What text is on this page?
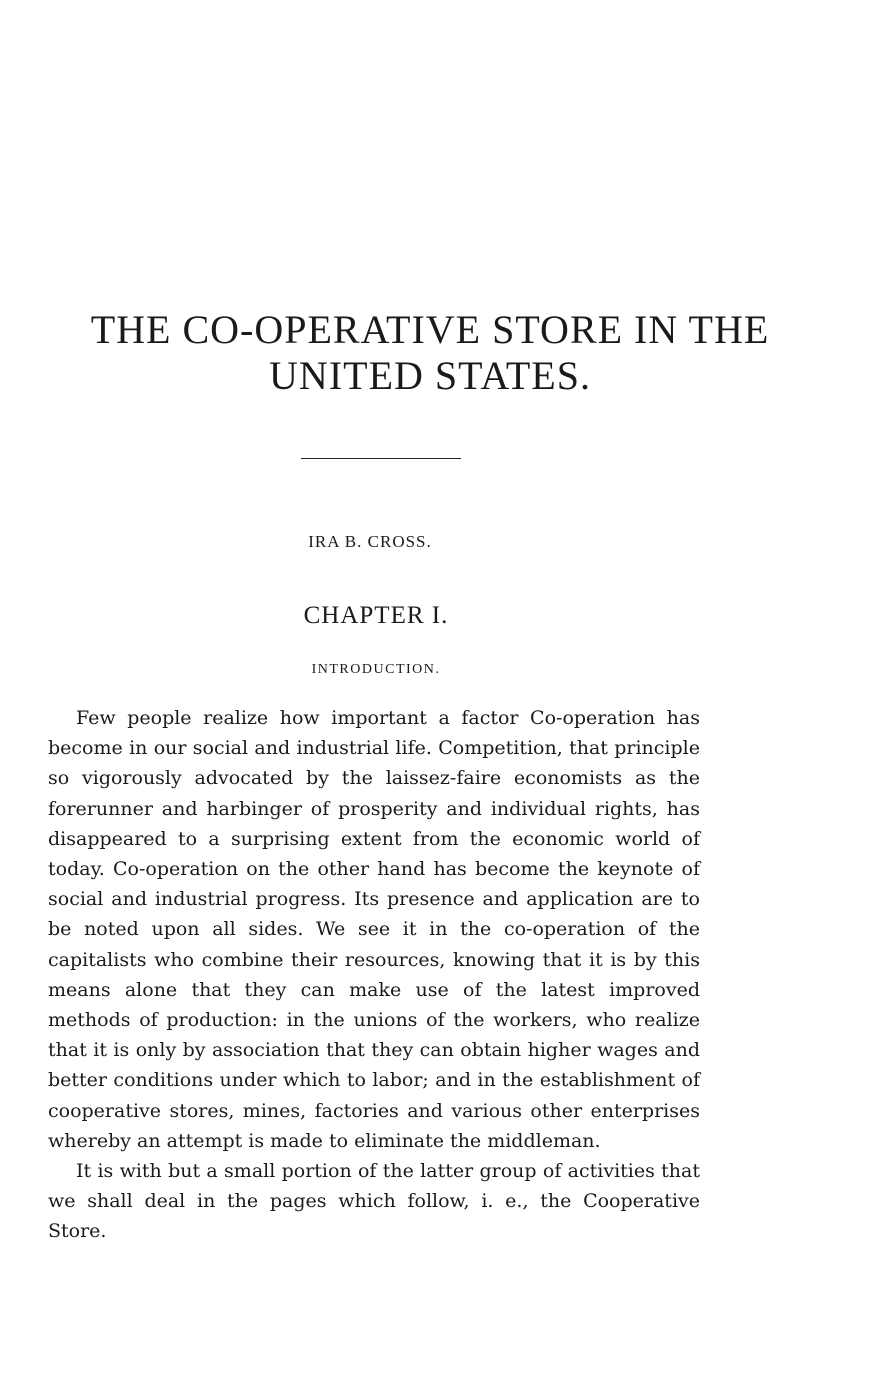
THE CO-OPERATIVE STORE IN THE
UNITED STATES.
IRA B. CROSS.
CHAPTER I.
INTRODUCTION.

Few people realize how important a factor Co-operation has become in our social and industrial life. Competition, that principle so vigorously advocated by the laissez-faire economists as the forerunner and harbinger of prosperity and individual rights, has disappeared to a surprising extent from the economic world of today. Co-operation on the other hand has become the keynote of social and industrial progress. Its presence and application are to be noted upon all sides. We see it in the co-operation of the capitalists who combine their resources, knowing that it is by this means alone that they can make use of the latest improved methods of production: in the unions of the workers, who realize that it is only by association that they can obtain higher wages and better conditions under which to labor; and in the establishment of cooperative stores, mines, factories and various other enterprises whereby an attempt is made to eliminate the middleman.

It is with but a small portion of the latter group of activities that we shall deal in the pages which follow, i. e., the Cooperative Store.
